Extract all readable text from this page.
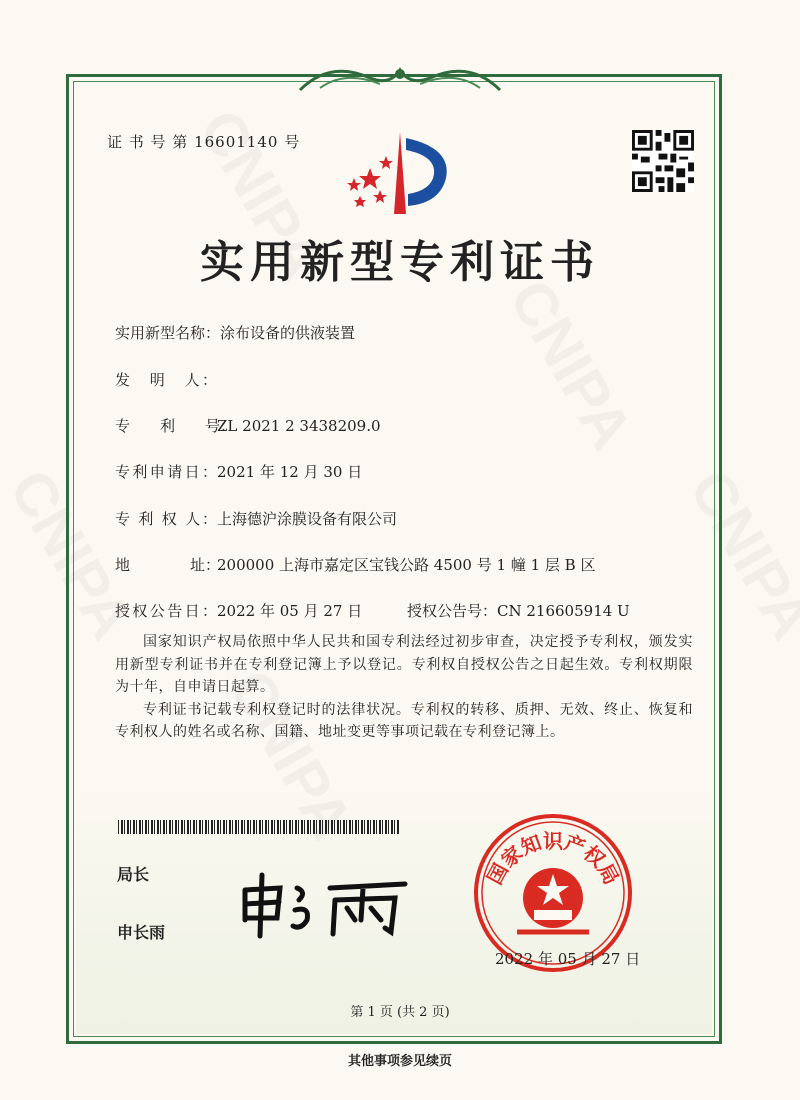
证 书 号 第 16601140 号
实用新型专利证书
实用新型名称：涂布设备的供液装置
发　明　人：
专　　利　　号：ZL 2021 2 3438209.0
专利申请日：2021 年 12 月 30 日
专 利 权 人：上海德沪涂膜设备有限公司
地　　　　址：200000 上海市嘉定区宝钱公路 4500 号 1 幢 1 层 B 区
授权公告日：2022 年 05 月 27 日	授权公告号：CN 216605914 U

国家知识产权局依照中华人民共和国专利法经过初步审查，决定授予专利权，颁发实用新型专利证书并在专利登记簿上予以登记。专利权自授权公告之日起生效。专利权期限为十年，自申请日起算。

专利证书记载专利权登记时的法律状况。专利权的转移、质押、无效、终止、恢复和专利权人的姓名或名称、国籍、地址变更等事项记载在专利登记簿上。

局长
申长雨
国家知识产权局
2022 年 05 月 27 日
第 1 页 (共 2 页)
其他事项参见续页
